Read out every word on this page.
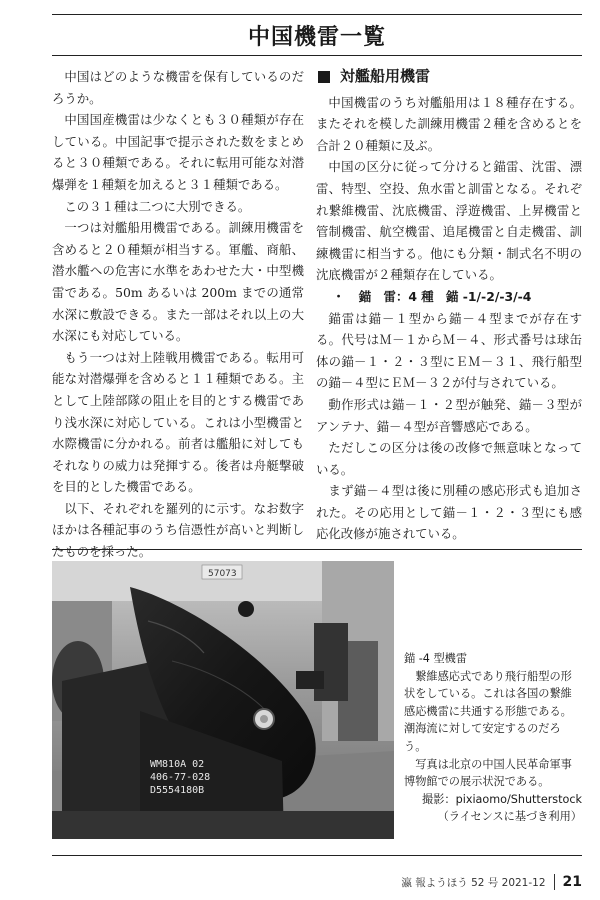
中国機雷一覧

中国はどのような機雷を保有しているのだろうか。

中国国産機雷は少なくとも３０種類が存在している。中国記事で提示された数をまとめると３０種類である。それに転用可能な対潜爆弾を１種類を加えると３１種類である。

この３１種は二つに大別できる。

一つは対艦船用機雷である。訓練用機雷を含めると２０種類が相当する。軍艦、商船、潜水艦への危害に水準をあわせた大・中型機雷である。50m あるいは 200m までの通常水深に敷設できる。また一部はそれ以上の大水深にも対応している。

もう一つは対上陸戦用機雷である。転用可能な対潜爆弾を含めると１１種類である。主として上陸部隊の阻止を目的とする機雷であり浅水深に対応している。これは小型機雷と水際機雷に分かれる。前者は艦船に対してもそれなりの威力は発揮する。後者は舟艇撃破を目的とした機雷である。

以下、それぞれを羅列的に示す。なお数字ほかは各種記事のうち信憑性が高いと判断したものを採った。

対艦船用機雷

中国機雷のうち対艦船用は１８種存在する。またそれを模した訓練用機雷２種を含めるとを合計２０種類に及ぶ。

中国の区分に従って分けると錨雷、沈雷、漂雷、特型、空投、魚水雷と訓雷となる。それぞれ繋維機雷、沈底機雷、浮遊機雷、上昇機雷と管制機雷、航空機雷、追尾機雷と自走機雷、訓練機雷に相当する。他にも分類・制式名不明の沈底機雷が２種類存在している。

・ 錨　雷：4 種　錨 -1/-2/-3/-4

錨雷は錨－１型から錨－４型までが存在する。代号はＭ－１からＭ－４、形式番号は球缶体の錨－１・２・３型にＥＭ－３１、飛行船型の錨－４型にＥＭ－３２が付与されている。

動作形式は錨－１・２型が触発、錨－３型がアンテナ、錨－４型が音響感応である。

ただしこの区分は後の改修で無意味となっている。

まず錨－４型は後に別種の感応形式も追加された。その応用として錨－１・２・３型にも感応化改修が施されている。

57073
WM810A 02
406-77-028
D5554180B

錨 -4 型機雷

繋維感応式であり飛行船型の形状をしている。これは各国の繋維感応機雷に共通する形態である。潮海流に対して安定するのだろう。

写真は北京の中国人民革命軍事博物館での展示状況である。

撮影：pixiaomo/Shutterstock

（ライセンスに基づき利用）

瀛 報ようほう 52 号 2021-12 21
